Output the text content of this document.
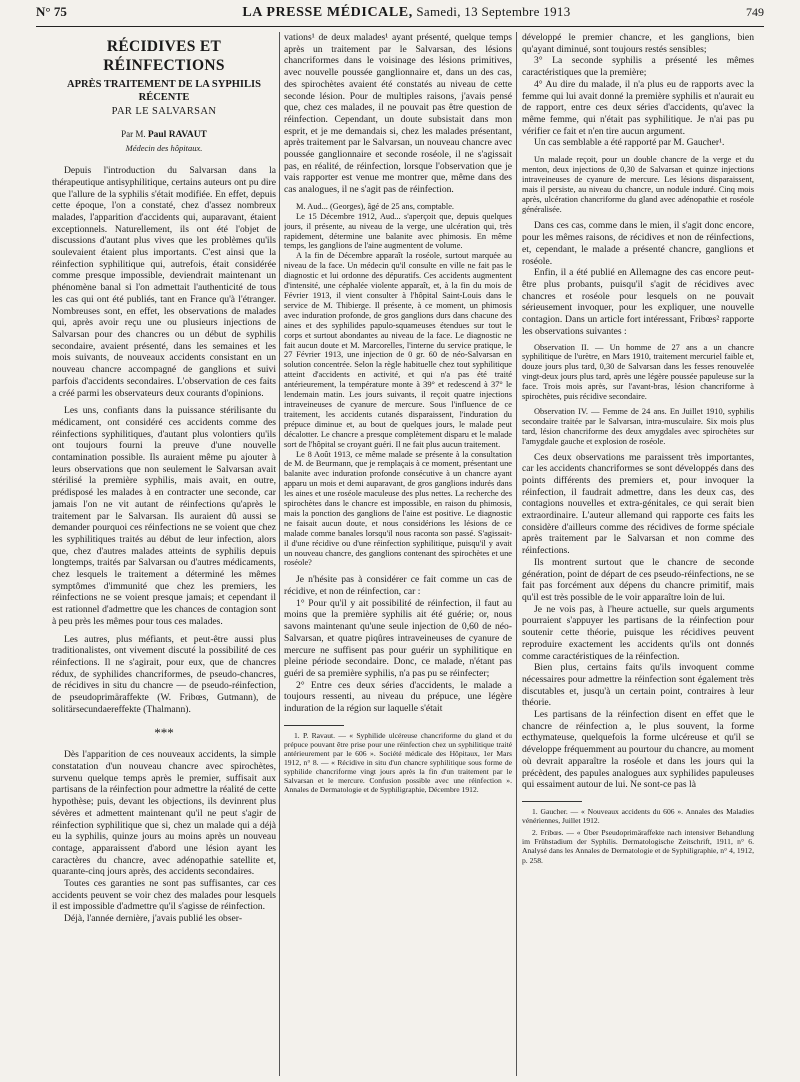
N° 75	LA PRESSE MÉDICALE, Samedi, 13 Septembre 1913	749

RÉCIDIVES ET RÉINFECTIONS

APRÈS TRAITEMENT DE LA SYPHILIS RÉCENTE

PAR LE SALVARSAN

Par M. Paul RAVAUT

Médecin des hôpitaux.

Depuis l'introduction du Salvarsan dans la thérapeutique antisyphilitique, certains auteurs ont pu dire que l'allure de la syphilis s'était modifiée. En effet, depuis cette époque, l'on a constaté, chez d'assez nombreux malades, l'apparition d'accidents qui, auparavant, étaient exceptionnels. Naturellement, ils ont été l'objet de discussions d'autant plus vives que les problèmes qu'ils soulevaient étaient plus importants. C'est ainsi que la réinfection syphilitique qui, autrefois, était considérée comme presque impossible, deviendrait maintenant un phénomène banal si l'on admettait l'authenticité de tous les cas qui ont été publiés, tant en France qu'à l'étranger. Nombreuses sont, en effet, les observations de malades qui, après avoir reçu une ou plusieurs injections de Salvarsan pour des chancres ou un début de syphilis secondaire, avaient présenté, dans les semaines et les mois suivants, de nouveaux accidents consistant en un nouveau chancre accompagné de ganglions et suivi parfois d'accidents secondaires. L'observation de ces faits a créé parmi les observateurs deux courants d'opinions.

Les uns, confiants dans la puissance stérilisante du médicament, ont considéré ces accidents comme des réinfections syphilitiques, d'autant plus volontiers qu'ils ont toujours fourni la preuve d'une nouvelle contamination possible. Ils auraient même pu ajouter à leurs observations que non seulement le Salvarsan avait stérilisé la première syphilis, mais avait, en outre, prédisposé les malades à en contracter une seconde, car jamais l'on ne vit autant de réinfections qu'après le traitement par le Salvarsan. Ils auraient dû aussi se demander pourquoi ces réinfections ne se voient que chez les syphilitiques traités au début de leur infection, alors que, chez d'autres malades atteints de syphilis depuis longtemps, traités par Salvarsan ou d'autres médicaments, chez lesquels le traitement a déterminé les mêmes symptômes d'immunité que chez les premiers, les réinfections ne se voient presque jamais; et cependant il est rationnel d'admettre que les chances de contagion sont à peu près les mêmes pour tous ces malades.

Les autres, plus méfiants, et peut-être aussi plus traditionalistes, ont vivement discuté la possibilité de ces réinfections. Il ne s'agirait, pour eux, que de chancres rédux, de syphilides chancriformes, de pseudo-chancres, de récidives in situ du chancre — de pseudo-réinfection, de pseudoprimäraffekte (W. Fribœs, Gutmann), de solitärsecundaereffekte (Thalmann).

***

Dès l'apparition de ces nouveaux accidents, la simple constatation d'un nouveau chancre avec spirochètes, survenu quelque temps après le premier, suffisait aux partisans de la réinfection pour admettre la réalité de cette hypothèse; puis, devant les objections, ils devinrent plus sévères et admettent maintenant qu'il ne peut s'agir de réinfection syphilitique que si, chez un malade qui a déjà eu la syphilis, quinze jours au moins après un nouveau contage, apparaissent d'abord une lésion ayant les caractères du chancre, avec adénopathie satellite et, quarante-cinq jours après, des accidents secondaires.

Toutes ces garanties ne sont pas suffisantes, car ces accidents peuvent se voir chez des malades pour lesquels il est impossible d'admettre qu'il s'agisse de réinfection.

Déjà, l'année dernière, j'avais publié les obser-

vations¹ de deux malades¹ ayant présenté, quelque temps après un traitement par le Salvarsan, des lésions chancriformes dans le voisinage des lésions primitives, avec nouvelle poussée ganglionnaire et, dans un des cas, des spirochètes avaient été constatés au niveau de cette seconde lésion. Pour de multiples raisons, j'avais pensé que, chez ces malades, il ne pouvait pas être question de réinfection. Cependant, un doute subsistait dans mon esprit, et je me demandais si, chez les malades présentant, après traitement par le Salvarsan, un nouveau chancre avec poussée ganglionnaire et seconde roséole, il ne s'agissait pas, en réalité, de réinfection, lorsque l'observation que je vais rapporter est venue me montrer que, même dans des cas analogues, il ne s'agit pas de réinfection.

M. Aud... (Georges), âgé de 25 ans, comptable.

Le 15 Décembre 1912, Aud... s'aperçoit que, depuis quelques jours, il présente, au niveau de la verge, une ulcération qui, très rapidement, détermine une balanite avec phimosis. En même temps, les ganglions de l'aine augmentent de volume.

A la fin de Décembre apparaît la roséole, surtout marquée au niveau de la face. Un médecin qu'il consulte en ville ne fait pas le diagnostic et lui ordonne des dépuratifs. Ces accidents augmentent d'intensité, une céphalée violente apparaît, et, à la fin du mois de Février 1913, il vient consulter à l'hôpital Saint-Louis dans le service de M. Thibierge. Il présente, à ce moment, un phimosis avec induration profonde, de gros ganglions durs dans chacune des aines et des syphilides papulo-squameuses étendues sur tout le corps et surtout abondantes au niveau de la face. Le diagnostic ne fait aucun doute et M. Marcorelles, l'interne du service pratique, le 27 Février 1913, une injection de 0 gr. 60 de néo-Salvarsan en solution concentrée. Selon la règle habituelle chez tout syphilitique atteint d'accidents en activité, et qui n'a pas été traité antérieurement, la température monte à 39° et redescend à 37° le lendemain matin. Les jours suivants, il reçoit quatre injections intraveineuses de cyanure de mercure. Sous l'influence de ce traitement, les accidents cutanés disparaissent, l'induration du prépuce diminue et, au bout de quelques jours, le malade peut décalotter. Le chancre a presque complètement disparu et le malade sort de l'hôpital se croyant guéri. Il ne fait plus aucun traitement.

Le 8 Août 1913, ce même malade se présente à la consultation de M. de Beurmann, que je remplaçais à ce moment, présentant une balanite avec induration profonde consécutive à un chancre ayant apparu un mois et demi auparavant, de gros ganglions indurés dans les aines et une roséole maculeuse des plus nettes. La recherche des spirochètes dans le chancre est impossible, en raison du phimosis, mais la ponction des ganglions de l'aine est positive. Le diagnostic ne faisait aucun doute, et nous considérions les lésions de ce malade comme banales lorsqu'il nous raconta son passé. S'agissait-il d'une récidive ou d'une réinfection syphilitique, puisqu'il y avait un nouveau chancre, des ganglions contenant des spirochètes et une roséole?

Je n'hésite pas à considérer ce fait comme un cas de récidive, et non de réinfection, car :

1° Pour qu'il y ait possibilité de réinfection, il faut au moins que la première syphilis ait été guérie; or, nous savons maintenant qu'une seule injection de 0,60 de néo-Salvarsan, et quatre piqûres intraveineuses de cyanure de mercure ne suffisent pas pour guérir un syphilitique en pleine période secondaire. Donc, ce malade, n'étant pas guéri de sa première syphilis, n'a pas pu se réinfecter;

2° Entre ces deux séries d'accidents, le malade a toujours ressenti, au niveau du prépuce, une légère induration de la région sur laquelle s'était

1. P. Ravaut. — « Syphilide ulcéreuse chancriforme du gland et du prépuce pouvant être prise pour une réinfection chez un syphilitique traité antérieurement par le 606 ». Société médicale des Hôpitaux, 1er Mars 1912, n° 8. — « Récidive in situ d'un chancre syphilitique sous forme de syphilide chancriforme vingt jours après la fin d'un traitement par le Salvarsan et le mercure. Confusion possible avec une réinfection ». Annales de Dermatologie et de Syphiligraphie, Décembre 1912.

développé le premier chancre, et les ganglions, bien qu'ayant diminué, sont toujours restés sensibles;

3° La seconde syphilis a présenté les mêmes caractéristiques que la première;

4° Au dire du malade, il n'a plus eu de rapports avec la femme qui lui avait donné la première syphilis et n'aurait eu de rapport, entre ces deux séries d'accidents, qu'avec la même femme, qui n'était pas syphilitique. Je n'ai pas pu vérifier ce fait et n'en tire aucun argument.

Un cas semblable a été rapporté par M. Gaucher¹.

Un malade reçoit, pour un double chancre de la verge et du menton, deux injections de 0,30 de Salvarsan et quinze injections intraveineuses de cyanure de mercure. Les lésions disparaissent, mais il persiste, au niveau du chancre, un nodule induré. Cinq mois après, ulcération chancriforme du gland avec adénopathie et roséole généralisée.

Dans ces cas, comme dans le mien, il s'agit donc encore, pour les mêmes raisons, de récidives et non de réinfections, et, cependant, le malade a présenté chancre, ganglions et roséole.

Enfin, il a été publié en Allemagne des cas encore peut-être plus probants, puisqu'il s'agit de récidives avec chancres et roséole pour lesquels on ne pouvait sérieusement invoquer, pour les expliquer, une nouvelle contagion. Dans un article fort intéressant, Fribœs² rapporte les observations suivantes :

Observation II. — Un homme de 27 ans a un chancre syphilitique de l'urètre, en Mars 1910, traitement mercuriel faible et, douze jours plus tard, 0,30 de Salvarsan dans les fesses renouvelée vingt-deux jours plus tard, après une légère poussée papuleuse sur la face. Trois mois après, sur l'avant-bras, lésion chancriforme à spirochètes, puis récidive secondaire.

Observation IV. — Femme de 24 ans. En Juillet 1910, syphilis secondaire traitée par le Salvarsan, intra-musculaire. Six mois plus tard, lésion chancriforme des deux amygdales avec spirochètes sur l'amygdale gauche et explosion de roséole.

Ces deux observations me paraissent très importantes, car les accidents chancriformes se sont développés dans des points différents des premiers et, pour invoquer la réinfection, il faudrait admettre, dans les deux cas, des contagions nouvelles et extra-génitales, ce qui serait bien extraordinaire. L'auteur allemand qui rapporte ces faits les considère d'ailleurs comme des récidives de forme spéciale après traitement par le Salvarsan et non comme des réinfections.

Ils montrent surtout que le chancre de seconde génération, point de départ de ces pseudo-réinfections, ne se fait pas forcément aux dépens du chancre primitif, mais qu'il est très possible de le voir apparaître loin de lui.

Je ne vois pas, à l'heure actuelle, sur quels arguments pourraient s'appuyer les partisans de la réinfection pour soutenir cette théorie, puisque les récidives peuvent reproduire exactement les accidents qu'ils ont donnés comme caractéristiques de la réinfection.

Bien plus, certains faits qu'ils invoquent comme nécessaires pour admettre la réinfection sont également très discutables et, jusqu'à un certain point, contraires à leur théorie.

Les partisans de la réinfection disent en effet que le chancre de réinfection a, le plus souvent, la forme ecthymateuse, quelquefois la forme ulcéreuse et qu'il se développe fréquemment au pourtour du chancre, au moment où devrait apparaître la roséole et dans les jours qui la précèdent, des papules analogues aux syphilides papuleuses qui essaiment autour de lui. Ne sont-ce pas là

1. Gaucher. — « Nouveaux accidents du 606 ». Annales des Maladies vénériennes, Juillet 1912.

2. Fribœs. — « Über Pseudoprimäraffekte nach intensiver Behandlung im Frühstadium der Syphilis. Dermatologische Zeitschrift, 1911, n° 6. Analysé dans les Annales de Dermatologie et de Syphiligraphie, n° 4, 1912, p. 258.
